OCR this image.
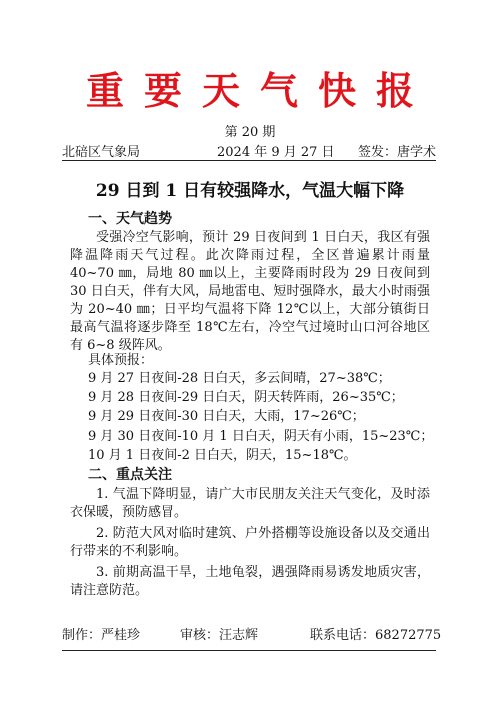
重要天气快报
第 20 期
北碚区气象局	2024 年 9 月 27 日 签发：唐学术
29 日到 1 日有较强降水，气温大幅下降
一、天气趋势

受强冷空气影响，预计 29 日夜间到 1 日白天，我区有强降温降雨天气过程。此次降雨过程，全区普遍累计雨量 40~70 ㎜，局地 80 ㎜以上，主要降雨时段为 29 日夜间到 30 日白天，伴有大风，局地雷电、短时强降水，最大小时雨强为 20~40 ㎜；日平均气温将下降 12℃以上，大部分镇街日最高气温将逐步降至 18℃左右，冷空气过境时山口河谷地区有 6~8 级阵风。

具体预报：
9 月 27 日夜间-28 日白天，多云间晴，27~38℃；
9 月 28 日夜间-29 日白天，阴天转阵雨，26~35℃；
9 月 29 日夜间-30 日白天，大雨，17~26℃；
9 月 30 日夜间-10 月 1 日白天，阴天有小雨，15~23℃；
10 月 1 日夜间-2 日白天，阴天，15~18℃。
二、重点关注

1. 气温下降明显，请广大市民朋友关注天气变化，及时添衣保暖，预防感冒。

2. 防范大风对临时建筑、户外搭棚等设施设备以及交通出行带来的不利影响。

3. 前期高温干旱，土地龟裂，遇强降雨易诱发地质灾害，请注意防范。

制作：严桂珍	审核：汪志辉	联系电话：68272775
